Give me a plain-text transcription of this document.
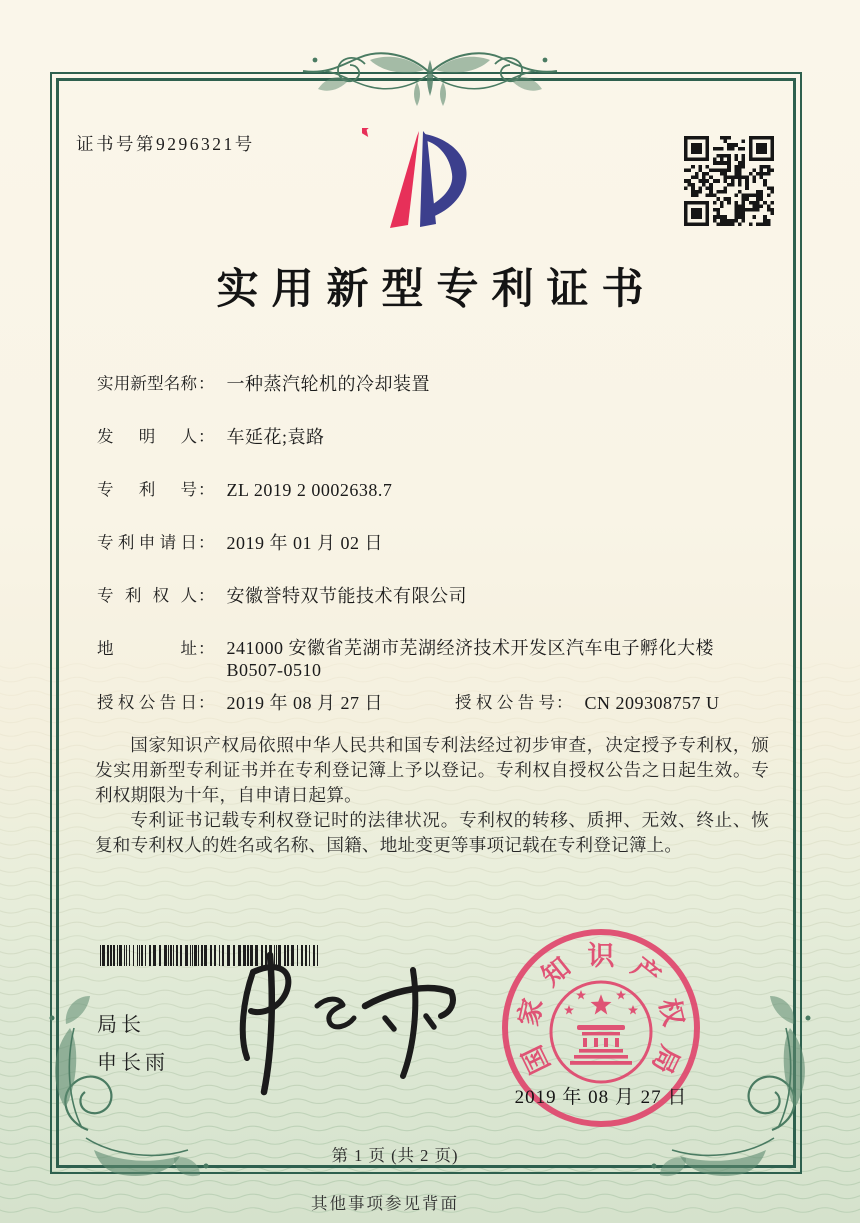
证书号第9296321号
实用新型专利证书
实用新型名称 ： 一种蒸汽轮机的冷却装置
发明人 ： 车延花;袁路
专利号 ： ZL 2019 2 0002638.7
专利申请日 ： 2019 年 01 月 02 日
专利权人 ： 安徽誉特双节能技术有限公司
地址 ： 241000 安徽省芜湖市芜湖经济技术开发区汽车电子孵化大楼 B0507-0510
授权公告日 ： 2019 年 08 月 27 日	授权公告号 ： CN 209308757 U

国家知识产权局依照中华人民共和国专利法经过初步审查，决定授予专利权，颁发实用新型专利证书并在专利登记簿上予以登记。专利权自授权公告之日起生效。专利权期限为十年，自申请日起算。

专利证书记载专利权登记时的法律状况。专利权的转移、质押、无效、终止、恢复和专利权人的姓名或名称、国籍、地址变更等事项记载在专利登记簿上。

局长
申长雨	国
家
知 识 产
权
局
2019 年 08 月 27 日
第 1 页 (共 2 页)
其他事项参见背面
